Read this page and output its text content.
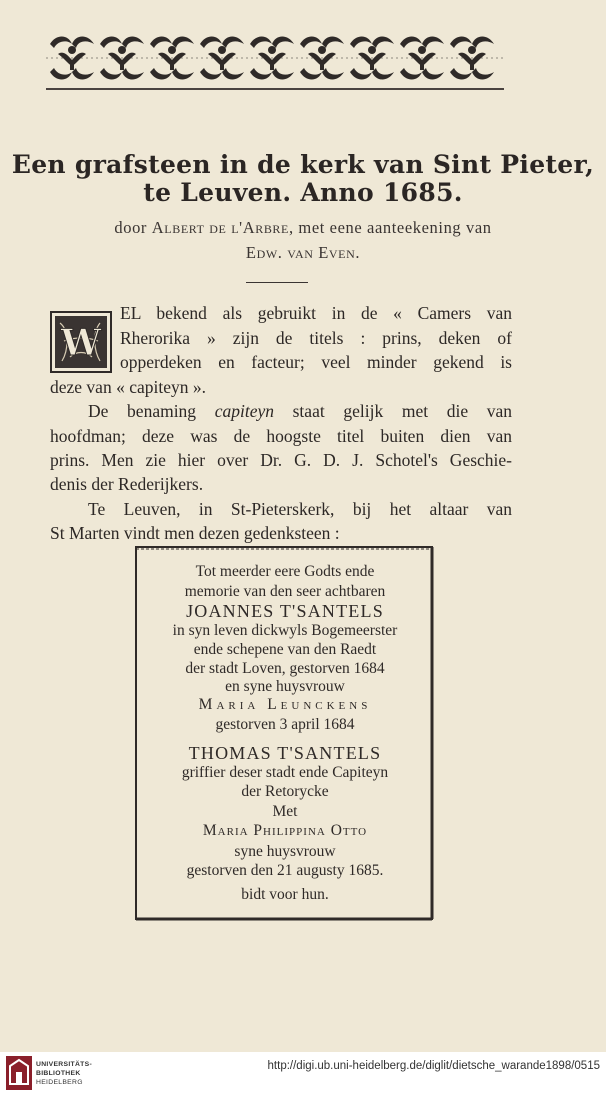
Een grafsteen in de kerk van Sint Pieter,
te Leuven. Anno 1685.
door Albert de l'Arbre, met eene aanteekening van
Edw. van Even.
W
EL bekend als gebruikt in de « Camers van
Rherorika » zijn de titels : prins, deken of
opperdeken en facteur; veel minder gekend is
deze van « capiteyn ».
De benaming capiteyn staat gelijk met die van
hoofdman; deze was de hoogste titel buiten dien van
prins. Men zie hier over Dr. G. D. J. Schotel's Geschie-
denis der Rederijkers.
Te Leuven, in St-Pieterskerk, bij het altaar van
St Marten vindt men dezen gedenksteen :
Tot meerder eere Godts ende
memorie van den seer achtbaren
JOANNES T'SANTELS
in syn leven dickwyls Bogemeerster
ende schepene van den Raedt
der stadt Loven, gestorven 1684
en syne huysvrouw
Maria Leunckens
gestorven 3 april 1684
THOMAS T'SANTELS
griffier deser stadt ende Capiteyn
der Retorycke
Met
Maria Philippina Otto
syne huysvrouw
gestorven den 21 augusty 1685.
bidt voor hun.
UNIVERSITÄTS-
BIBLIOTHEK
HEIDELBERG
http://digi.ub.uni-heidelberg.de/diglit/dietsche_warande1898/0515
